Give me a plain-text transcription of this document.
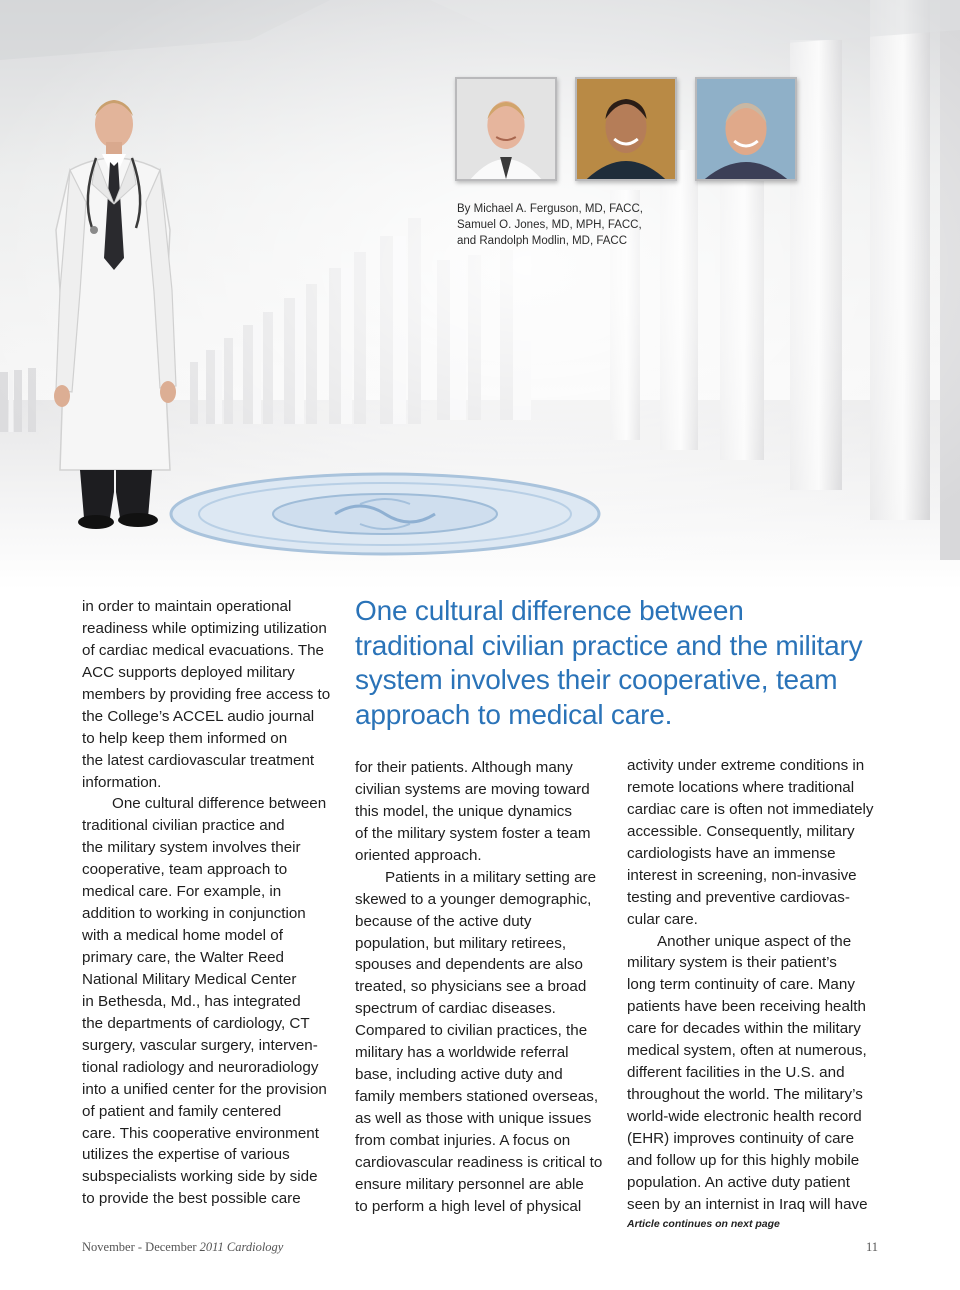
By Michael A. Ferguson, MD, FACC,
Samuel O. Jones, MD, MPH, FACC,
and Randolph Modlin, MD, FACC
One cultural difference between
traditional civilian practice and the military
system involves their cooperative, team
approach to medical care.
in order to maintain operational
readiness while optimizing utilization
of cardiac medical evacuations. The
ACC supports deployed military
members by providing free access to
the College’s ACCEL audio journal
to help keep them informed on
the latest cardiovascular treatment
information.
One cultural difference between
traditional civilian practice and
the military system involves their
cooperative, team approach to
medical care. For example, in
addition to working in conjunction
with a medical home model of
primary care, the Walter Reed
National Military Medical Center
in Bethesda, Md., has integrated
the departments of cardiology, CT
surgery, vascular surgery, interven-
tional radiology and neuroradiology
into a unified center for the provision
of patient and family centered
care. This cooperative environment
utilizes the expertise of various
subspecialists working side by side
to provide the best possible care
for their patients. Although many
civilian systems are moving toward
this model, the unique dynamics
of the military system foster a team
oriented approach.
Patients in a military setting are
skewed to a younger demographic,
because of the active duty
population, but military retirees,
spouses and dependents are also
treated, so physicians see a broad
spectrum of cardiac diseases.
Compared to civilian practices, the
military has a worldwide referral
base, including active duty and
family members stationed overseas,
as well as those with unique issues
from combat injuries. A focus on
cardiovascular readiness is critical to
ensure military personnel are able
to perform a high level of physical
activity under extreme conditions in
remote locations where traditional
cardiac care is often not immediately
accessible. Consequently, military
cardiologists have an immense
interest in screening, non-invasive
testing and preventive cardiovas-
cular care.
Another unique aspect of the
military system is their patient’s
long term continuity of care. Many
patients have been receiving health
care for decades within the military
medical system, often at numerous,
different facilities in the U.S. and
throughout the world. The military’s
world-wide electronic health record
(EHR) improves continuity of care
and follow up for this highly mobile
population. An active duty patient
seen by an internist in Iraq will have
Article continues on next page
November - December 2011 Cardiology	11
